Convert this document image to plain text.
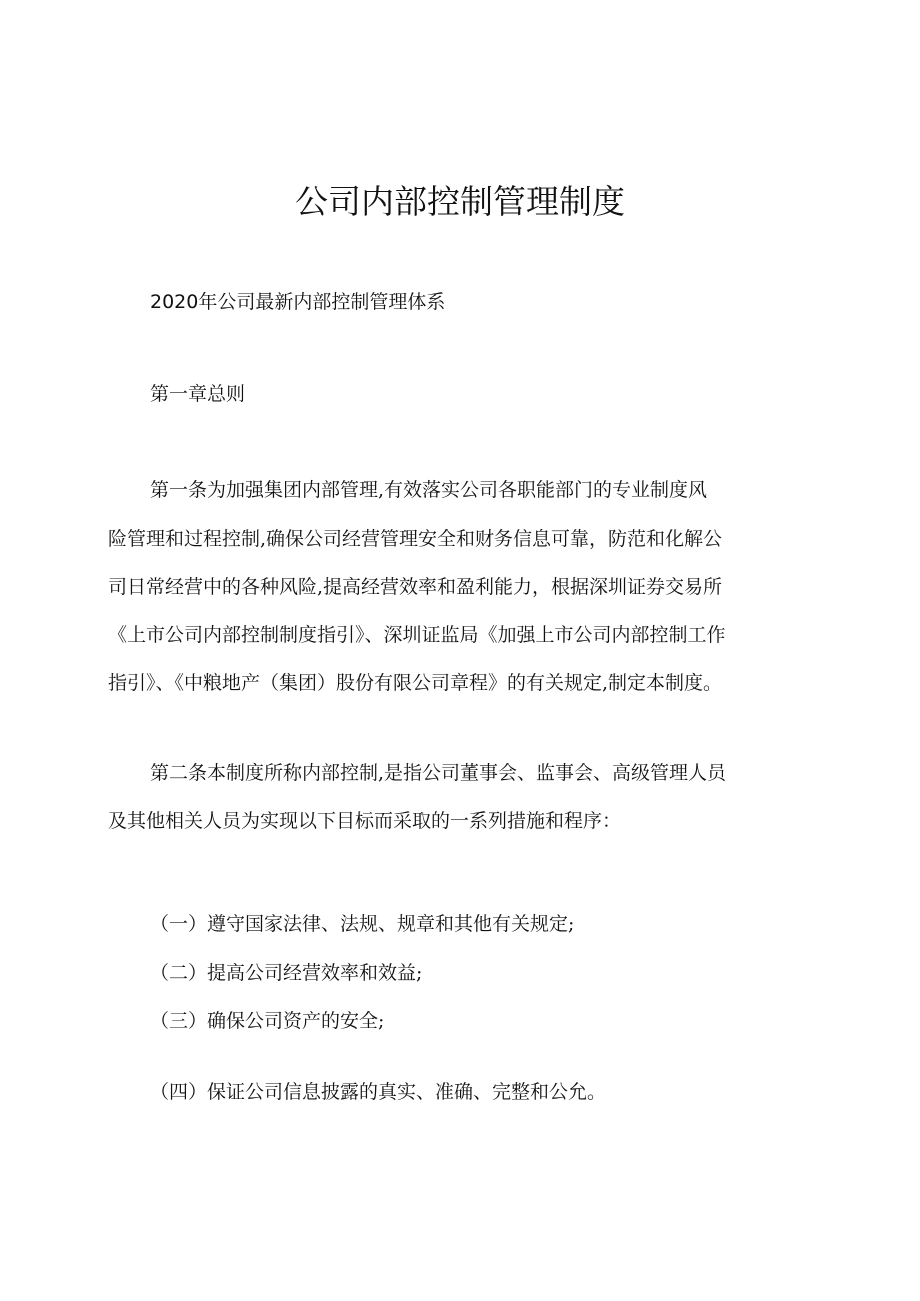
公司内部控制管理制度
2020年公司最新内部控制管理体系
第一章总则
第一条为加强集团内部管理,有效落实公司各职能部门的专业制度风
险管理和过程控制,确保公司经营管理安全和财务信息可靠，防范和化解公
司日常经营中的各种风险,提高经营效率和盈利能力，根据深圳证券交易所
《上市公司内部控制制度指引》、深圳证监局《加强上市公司内部控制工作
指引》、《中粮地产（集团）股份有限公司章程》的有关规定,制定本制度。
第二条本制度所称内部控制,是指公司董事会、监事会、高级管理人员
及其他相关人员为实现以下目标而采取的一系列措施和程序：
（一）遵守国家法律、法规、规章和其他有关规定;
（二）提高公司经营效率和效益;
（三）确保公司资产的安全;
（四）保证公司信息披露的真实、准确、完整和公允。
